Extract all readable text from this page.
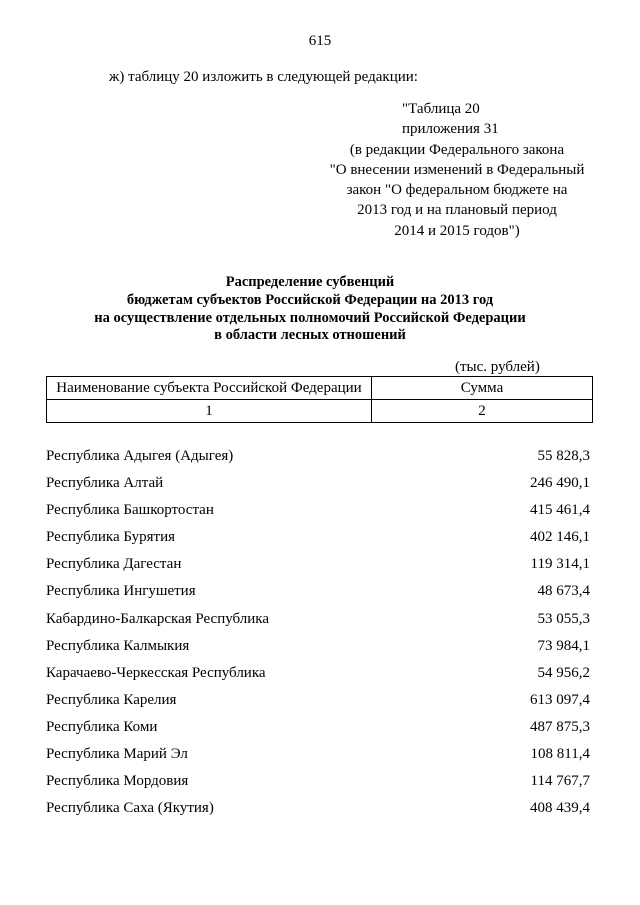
615
ж) таблицу 20 изложить в следующей редакции:
"Таблица 20
приложения 31
(в редакции Федерального закона
"О внесении изменений в Федеральный
закон "О федеральном бюджете на
2013 год и на плановый период
2014 и 2015 годов")
Распределение субвенций
бюджетам субъектов Российской Федерации на 2013 год
на осуществление отдельных полномочий Российской Федерации
в области лесных отношений
(тыс. рублей)
Наименование субъекта Российской Федерации	Сумма
1	2
Республика Адыгея (Адыгея)	55 828,3
Республика Алтай	246 490,1
Республика Башкортостан	415 461,4
Республика Бурятия	402 146,1
Республика Дагестан	119 314,1
Республика Ингушетия	48 673,4
Кабардино-Балкарская Республика	53 055,3
Республика Калмыкия	73 984,1
Карачаево-Черкесская Республика	54 956,2
Республика Карелия	613 097,4
Республика Коми	487 875,3
Республика Марий Эл	108 811,4
Республика Мордовия	114 767,7
Республика Саха (Якутия)	408 439,4
